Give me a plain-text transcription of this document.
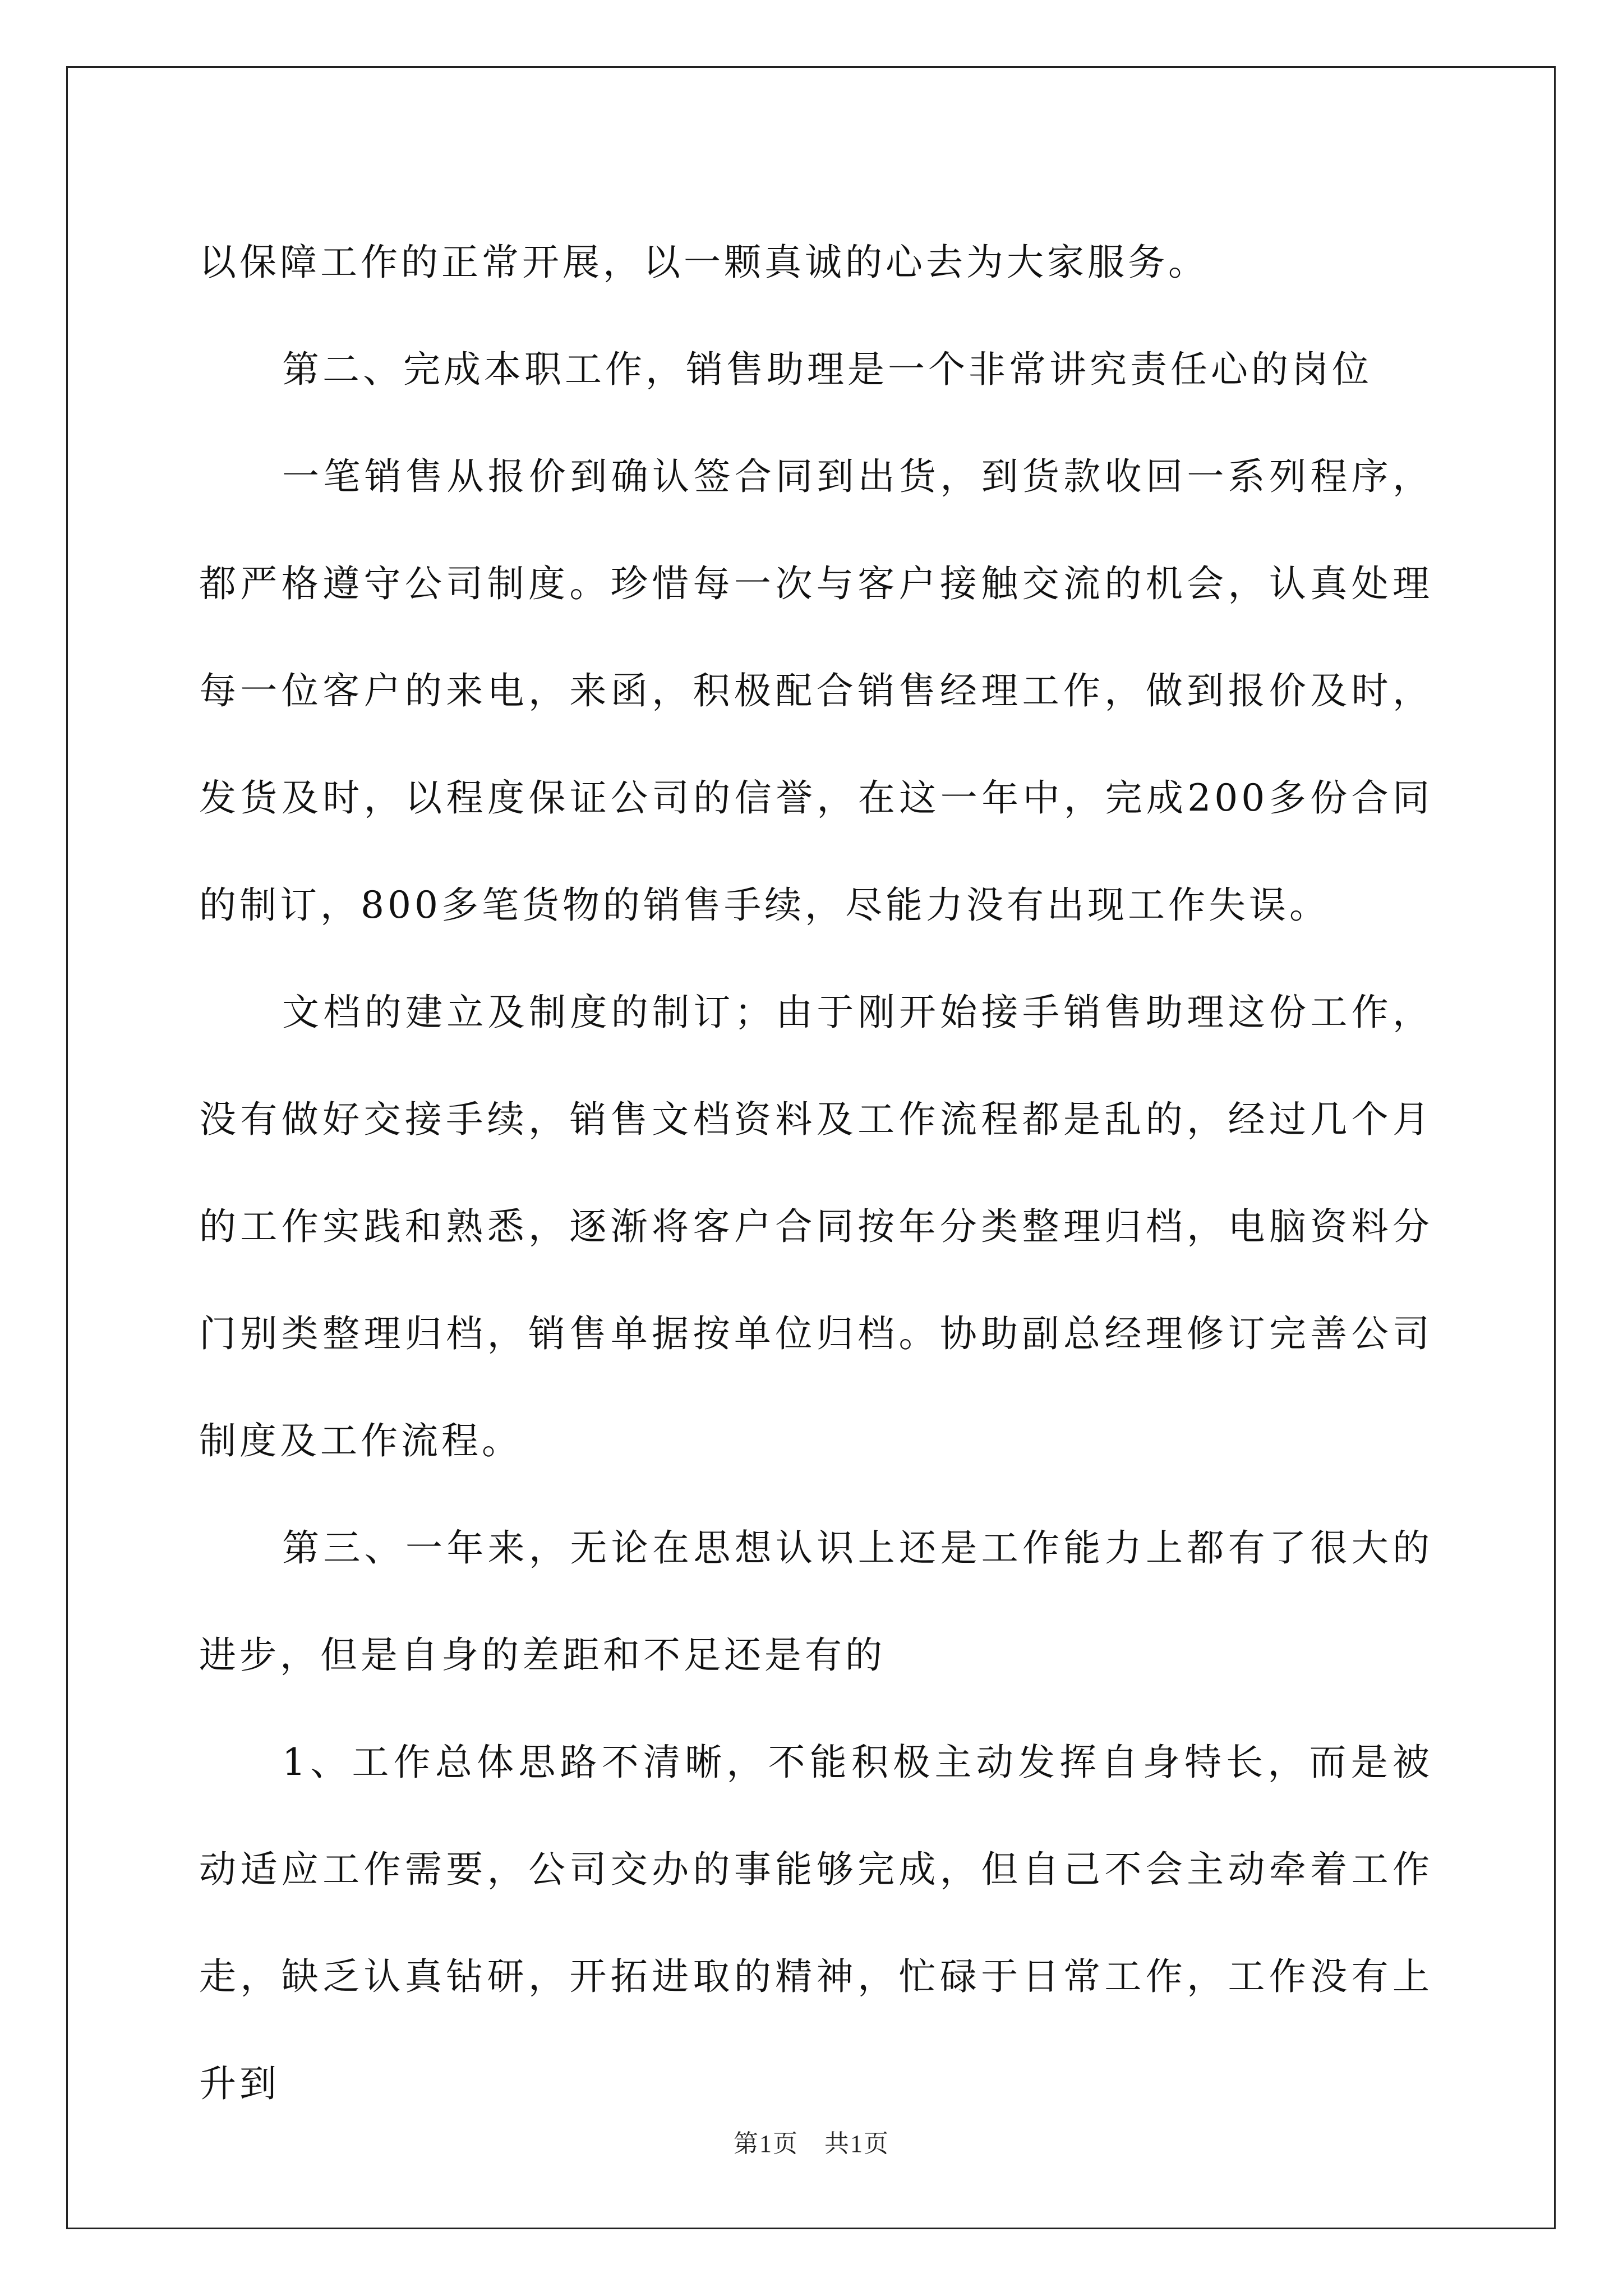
以保障工作的正常开展，以一颗真诚的心去为大家服务。

第二、完成本职工作，销售助理是一个非常讲究责任心的岗位

一笔销售从报价到确认签合同到出货，到货款收回一系列程序，都严格遵守公司制度。珍惜每一次与客户接触交流的机会，认真处理每一位客户的来电，来函，积极配合销售经理工作，做到报价及时，发货及时，以程度保证公司的信誉，在这一年中，完成200多份合同的制订，800多笔货物的销售手续，尽能力没有出现工作失误。

文档的建立及制度的制订；由于刚开始接手销售助理这份工作，没有做好交接手续，销售文档资料及工作流程都是乱的，经过几个月的工作实践和熟悉，逐渐将客户合同按年分类整理归档，电脑资料分门别类整理归档，销售单据按单位归档。协助副总经理修订完善公司制度及工作流程。

第三、一年来，无论在思想认识上还是工作能力上都有了很大的进步，但是自身的差距和不足还是有的

1、工作总体思路不清晰，不能积极主动发挥自身特长，而是被动适应工作需要，公司交办的事能够完成，但自己不会主动牵着工作走，缺乏认真钻研，开拓进取的精神，忙碌于日常工作，工作没有上升到

第1页　共1页
